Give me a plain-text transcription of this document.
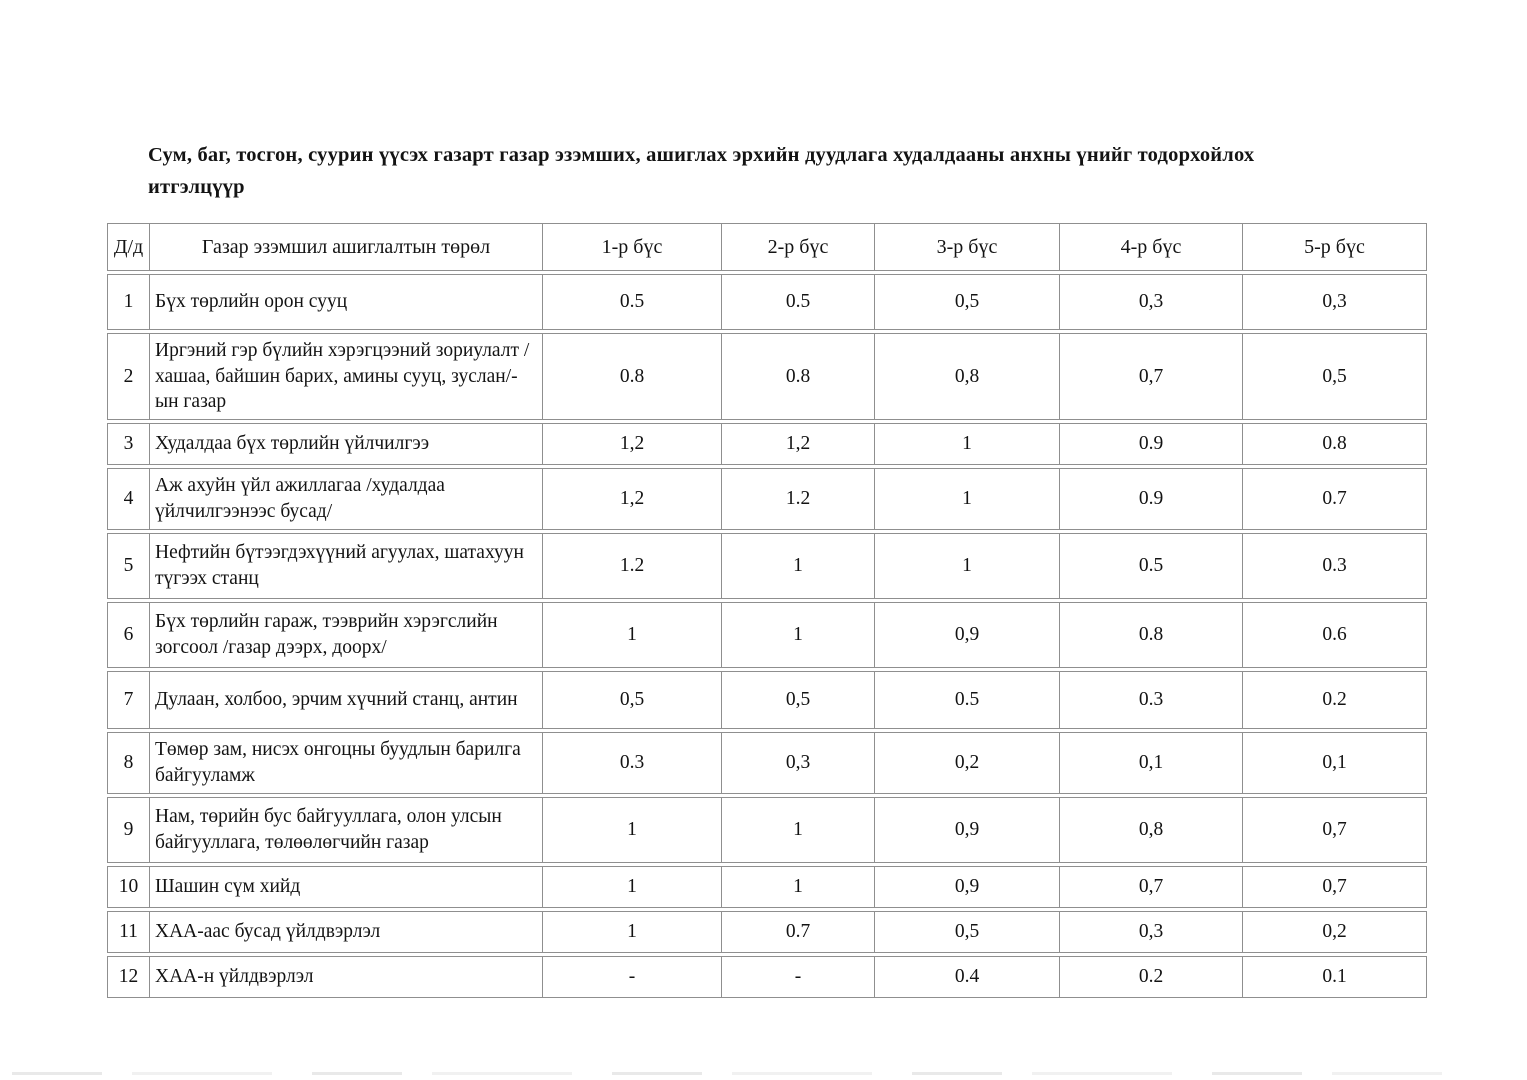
Сум, баг, тосгон, суурин үүсэх газарт газар эзэмших, ашиглах эрхийн дуудлага худалдааны анхны үнийг тодорхойлох итгэлцүүр
Д/д	Газар эзэмшил ашиглалтын төрөл	1-р бүс	2-р бүс	3-р бүс	4-р бүс	5-р бүс
1	Бүх төрлийн орон сууц	0.5	0.5	0,5	0,3	0,3
2	Иргэний гэр бүлийн хэрэгцээний зориулалт /хашаа, байшин барих, амины сууц, зуслан/-ын газар	0.8	0.8	0,8	0,7	0,5
3	Худалдаа бүх төрлийн үйлчилгээ	1,2	1,2	1	0.9	0.8
4	Аж ахуйн үйл ажиллагаа /худалдаа үйлчилгээнээс бусад/	1,2	1.2	1	0.9	0.7
5	Нефтийн бүтээгдэхүүний агуулах, шатахуун түгээх станц	1.2	1	1	0.5	0.3
6	Бүх төрлийн гараж, тээврийн хэрэгслийн зогсоол /газар дээрх, доорх/	1	1	0,9	0.8	0.6
7	Дулаан, холбоо, эрчим хүчний станц, антин	0,5	0,5	0.5	0.3	0.2
8	Төмөр зам, нисэх онгоцны буудлын барилга байгууламж	0.3	0,3	0,2	0,1	0,1
9	Нам, төрийн бус байгууллага, олон улсын байгууллага, төлөөлөгчийн газар	1	1	0,9	0,8	0,7
10	Шашин сүм хийд	1	1	0,9	0,7	0,7
11	ХАА-аас бусад үйлдвэрлэл	1	0.7	0,5	0,3	0,2
12	ХАА-н үйлдвэрлэл	-	-	0.4	0.2	0.1
